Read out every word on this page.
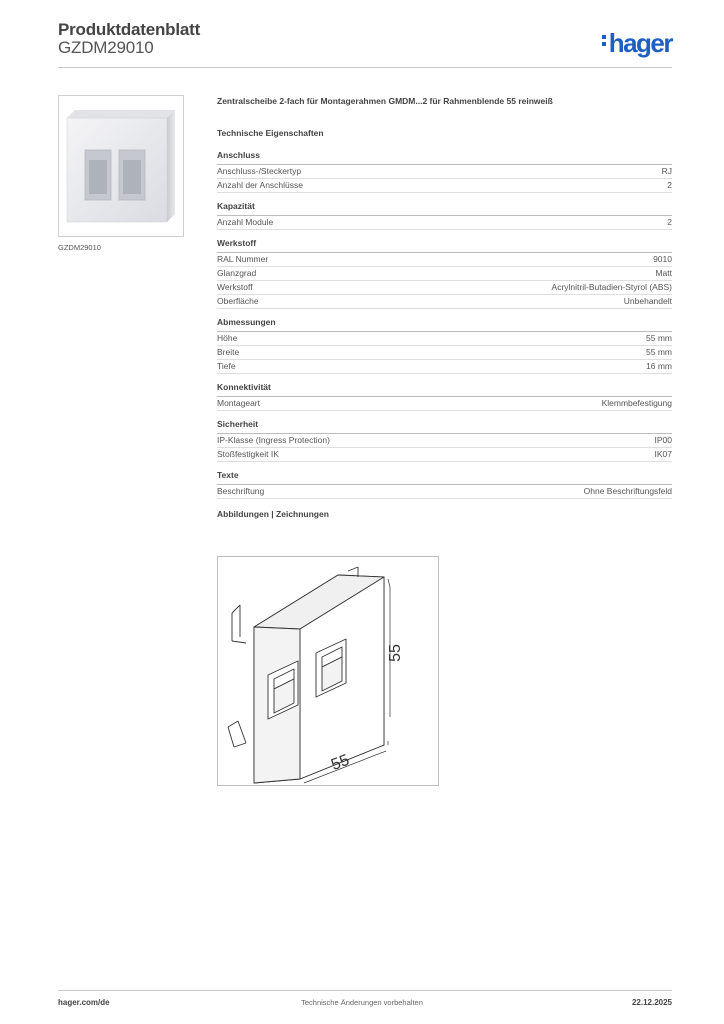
Produktdatenblatt
GZDM29010	hager
GZDM29010
Zentralscheibe 2-fach für Montagerahmen GMDM...2 für Rahmenblende 55 reinweiß
Technische Eigenschaften
Anschluss
Anschluss-/Steckertyp	RJ
Anzahl der Anschlüsse	2
Kapazität
Anzahl Module	2
Werkstoff
RAL Nummer	9010
Glanzgrad	Matt
Werkstoff	Acrylnitril-Butadien-Styrol (ABS)
Oberfläche	Unbehandelt
Abmessungen
Höhe	55 mm
Breite	55 mm
Tiefe	16 mm
Konnektivität
Montageart	Klemmbefestigung
Sicherheit
IP-Klasse (Ingress Protection)	IP00
Stoßfestigkeit IK	IK07
Texte
Beschriftung	Ohne Beschriftungsfeld
Abbildungen | Zeichnungen
55
55
Technische Änderungen vorbehalten
hager.com/de	22.12.2025
